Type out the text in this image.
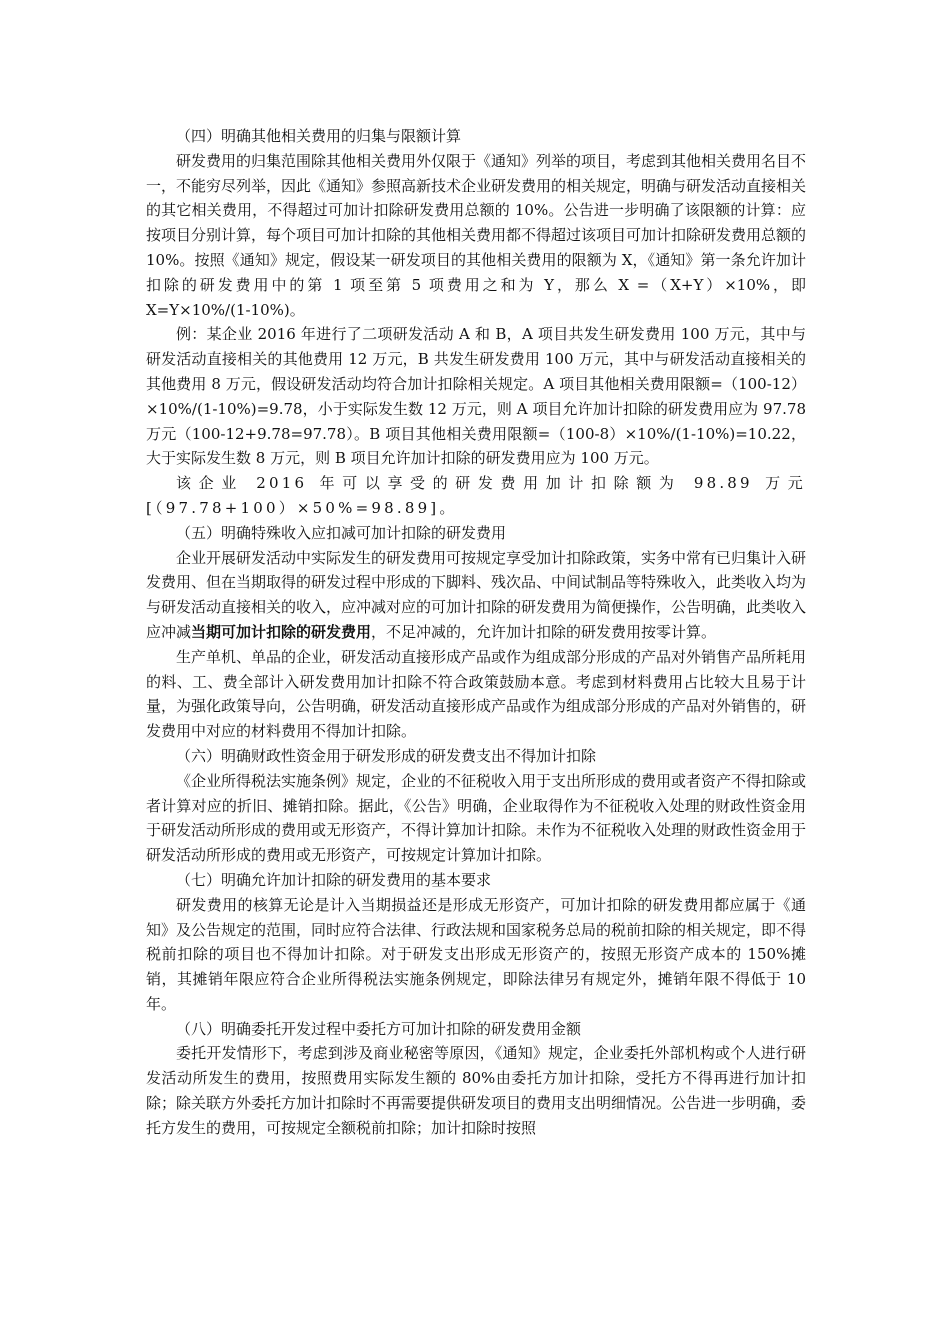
（四）明确其他相关费用的归集与限额计算

研发费用的归集范围除其他相关费用外仅限于《通知》列举的项目，考虑到其他相关费用名目不一，不能穷尽列举，因此《通知》参照高新技术企业研发费用的相关规定，明确与研发活动直接相关的其它相关费用，不得超过可加计扣除研发费用总额的 10%。公告进一步明确了该限额的计算：应按项目分别计算，每个项目可加计扣除的其他相关费用都不得超过该项目可加计扣除研发费用总额的 10%。按照《通知》规定，假设某一研发项目的其他相关费用的限额为 X，《通知》第一条允许加计扣除的研发费用中的第 1 项至第 5 项费用之和为 Y，那么 X =（X+Y）×10%，即 X=Y×10%/(1-10%)。

例：某企业 2016 年进行了二项研发活动 A 和 B，A 项目共发生研发费用 100 万元，其中与研发活动直接相关的其他费用 12 万元，B 共发生研发费用 100 万元，其中与研发活动直接相关的其他费用 8 万元，假设研发活动均符合加计扣除相关规定。A 项目其他相关费用限额=（100-12）×10%/(1-10%)=9.78，小于实际发生数 12 万元，则 A 项目允许加计扣除的研发费用应为 97.78 万元（100-12+9.78=97.78）。B 项目其他相关费用限额=（100-8）×10%/(1-10%)=10.22，大于实际发生数 8 万元，则 B 项目允许加计扣除的研发费用应为 100 万元。

该企业 2016 年可以享受的研发费用加计扣除额为 98.89 万元[（97.78+100）×50%=98.89]。

（五）明确特殊收入应扣减可加计扣除的研发费用

企业开展研发活动中实际发生的研发费用可按规定享受加计扣除政策，实务中常有已归集计入研发费用、但在当期取得的研发过程中形成的下脚料、残次品、中间试制品等特殊收入，此类收入均为与研发活动直接相关的收入，应冲减对应的可加计扣除的研发费用为简便操作，公告明确，此类收入应冲减当期可加计扣除的研发费用，不足冲减的，允许加计扣除的研发费用按零计算。

生产单机、单品的企业，研发活动直接形成产品或作为组成部分形成的产品对外销售产品所耗用的料、工、费全部计入研发费用加计扣除不符合政策鼓励本意。考虑到材料费用占比较大且易于计量，为强化政策导向，公告明确，研发活动直接形成产品或作为组成部分形成的产品对外销售的，研发费用中对应的材料费用不得加计扣除。

（六）明确财政性资金用于研发形成的研发费支出不得加计扣除

《企业所得税法实施条例》规定，企业的不征税收入用于支出所形成的费用或者资产不得扣除或者计算对应的折旧、摊销扣除。据此，《公告》明确，企业取得作为不征税收入处理的财政性资金用于研发活动所形成的费用或无形资产，不得计算加计扣除。未作为不征税收入处理的财政性资金用于研发活动所形成的费用或无形资产，可按规定计算加计扣除。

（七）明确允许加计扣除的研发费用的基本要求

研发费用的核算无论是计入当期损益还是形成无形资产，可加计扣除的研发费用都应属于《通知》及公告规定的范围，同时应符合法律、行政法规和国家税务总局的税前扣除的相关规定，即不得税前扣除的项目也不得加计扣除。对于研发支出形成无形资产的，按照无形资产成本的 150%摊销，其摊销年限应符合企业所得税法实施条例规定，即除法律另有规定外，摊销年限不得低于 10 年。

（八）明确委托开发过程中委托方可加计扣除的研发费用金额

委托开发情形下，考虑到涉及商业秘密等原因，《通知》规定，企业委托外部机构或个人进行研发活动所发生的费用，按照费用实际发生额的 80%由委托方加计扣除，受托方不得再进行加计扣除；除关联方外委托方加计扣除时不再需要提供研发项目的费用支出明细情况。公告进一步明确，委托方发生的费用，可按规定全额税前扣除；加计扣除时按照
